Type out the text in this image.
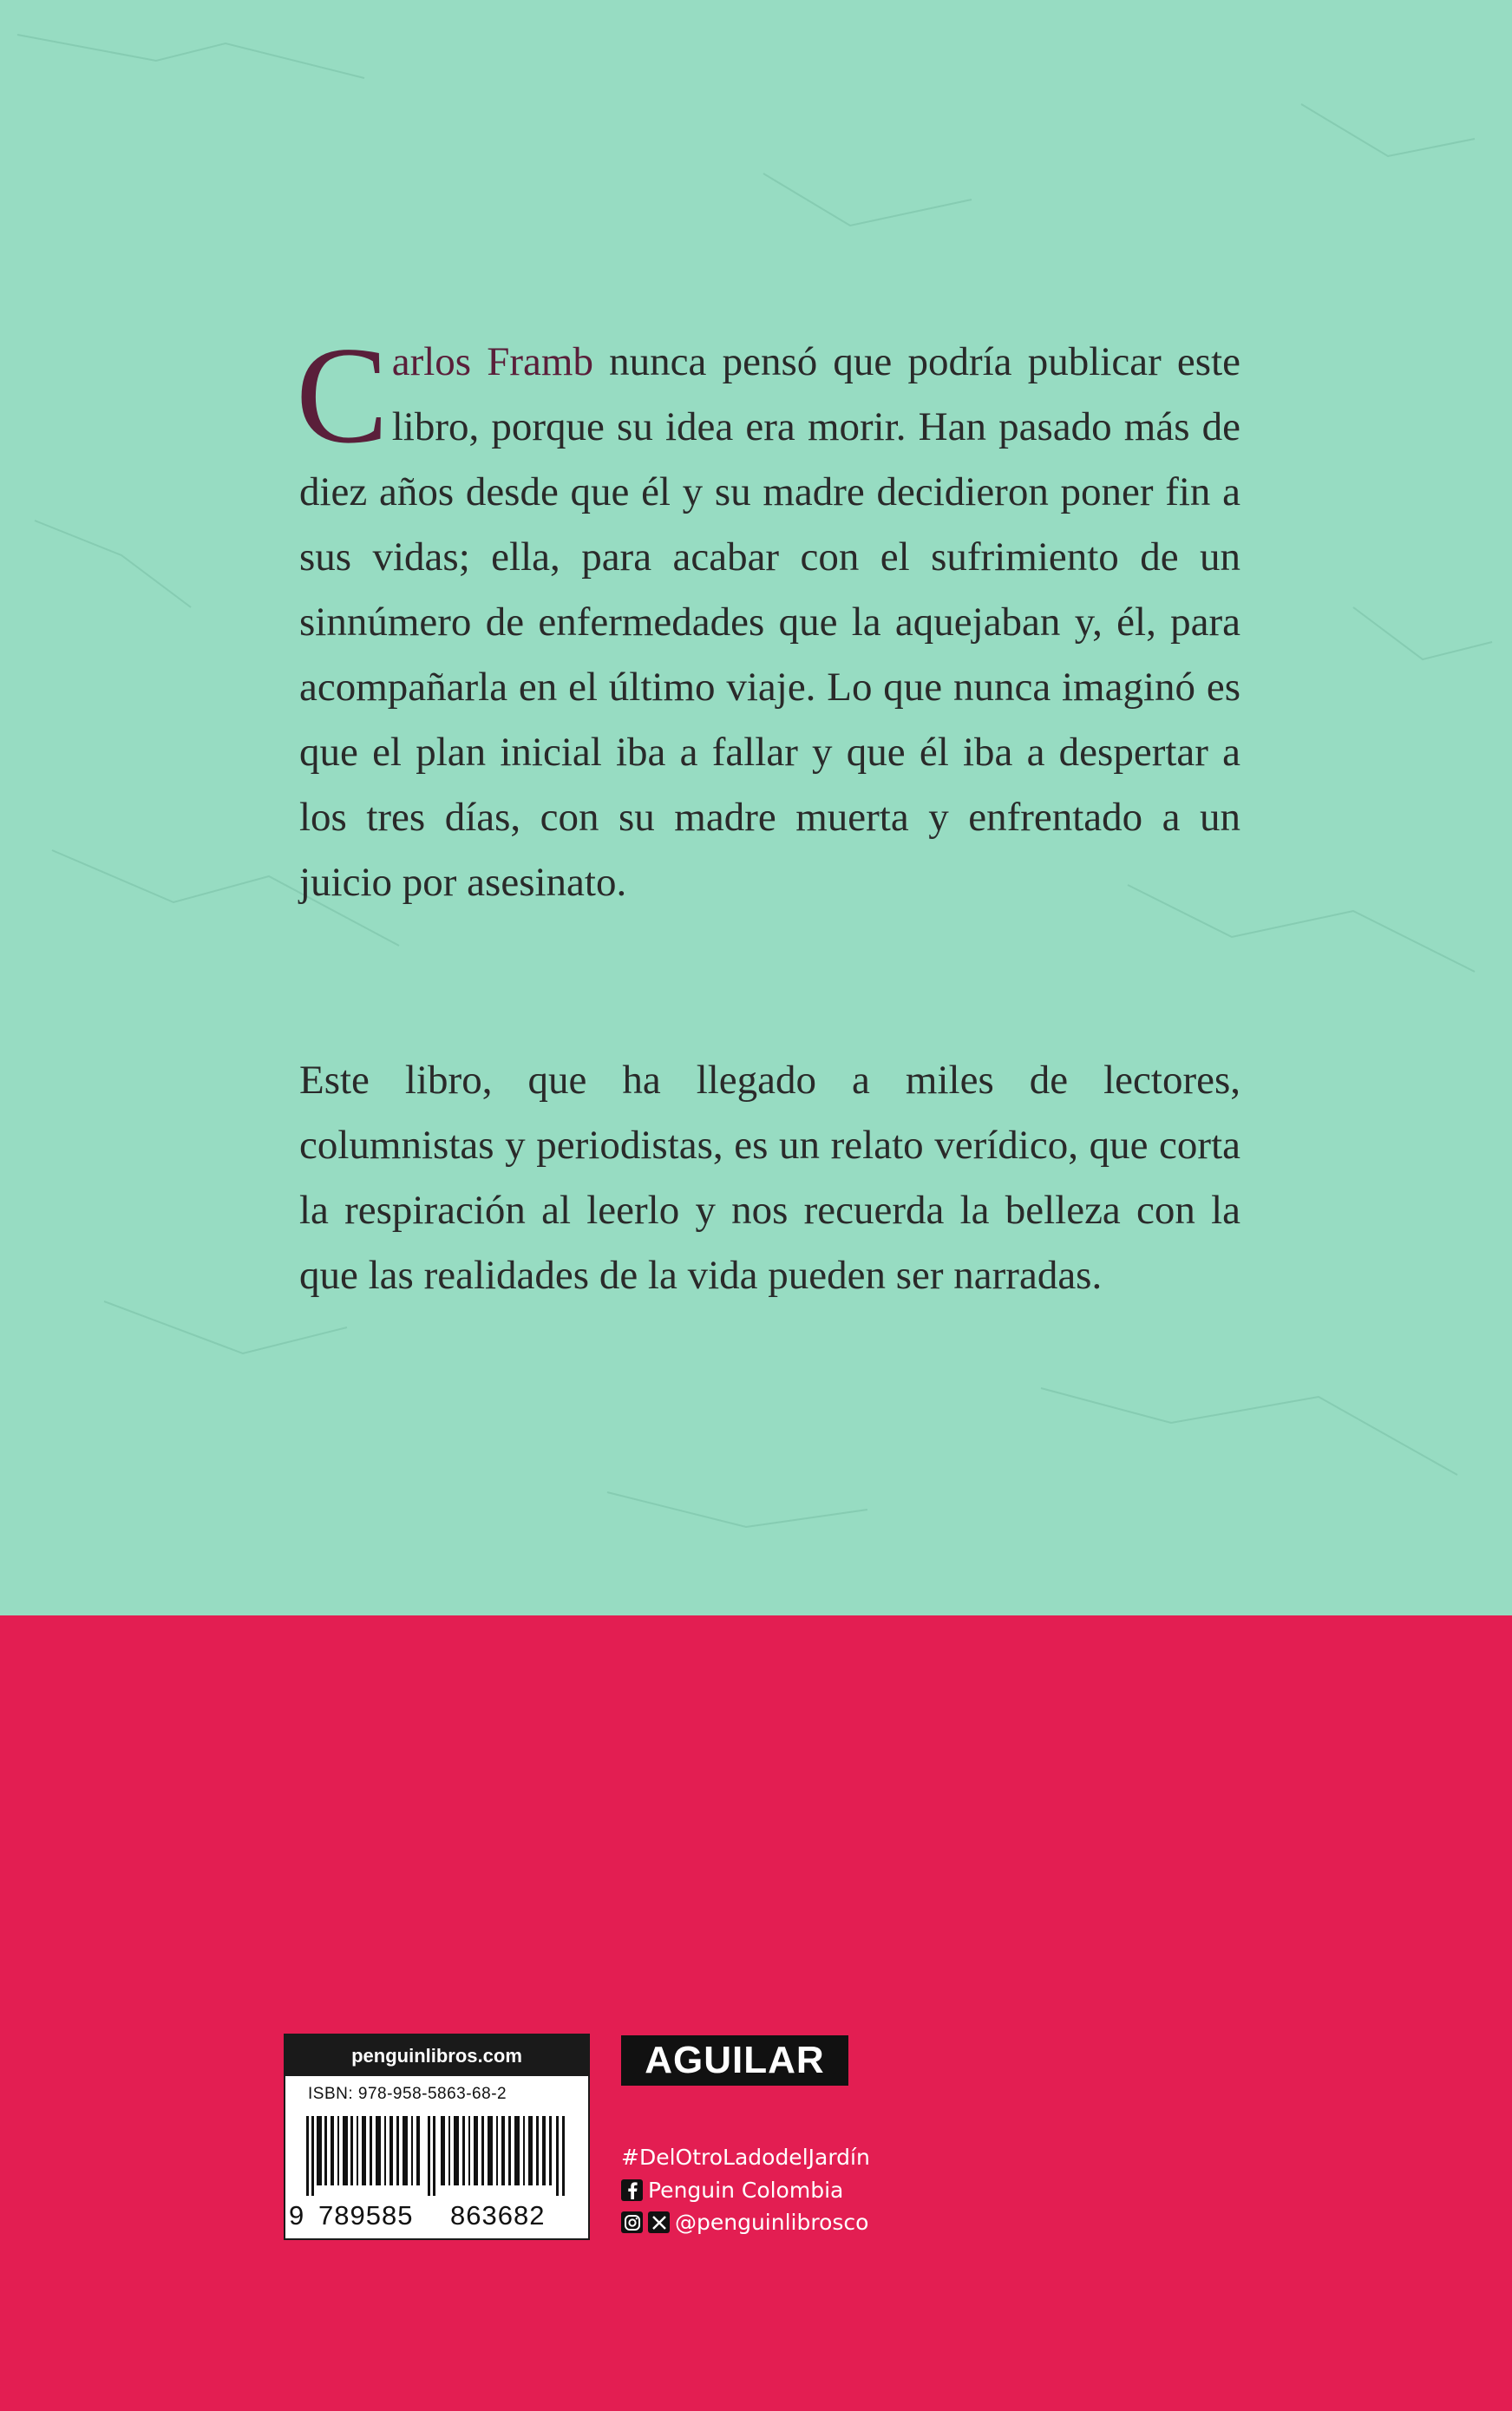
Carlos Framb nunca pensó que podría publicar este libro, porque su idea era morir. Han pasado más de diez años desde que él y su madre decidieron poner fin a sus vidas; ella, para acabar con el sufrimiento de un sinnúmero de enfermedades que la aquejaban y, él, para acompañarla en el último viaje. Lo que nunca imaginó es que el plan inicial iba a fallar y que él iba a despertar a los tres días, con su madre muerta y enfrentado a un juicio por asesinato.

Este libro, que ha llegado a miles de lectores, columnistas y periodistas, es un relato verídico, que corta la respiración al leerlo y nos recuerda la belleza con la que las realidades de la vida pueden ser narradas.

penguinlibros.com
ISBN: 978-958-5863-68-2
9 789585 863682
AGUILAR
#DelOtroLadodelJardín
Penguin Colombia
@penguinlibrosco
